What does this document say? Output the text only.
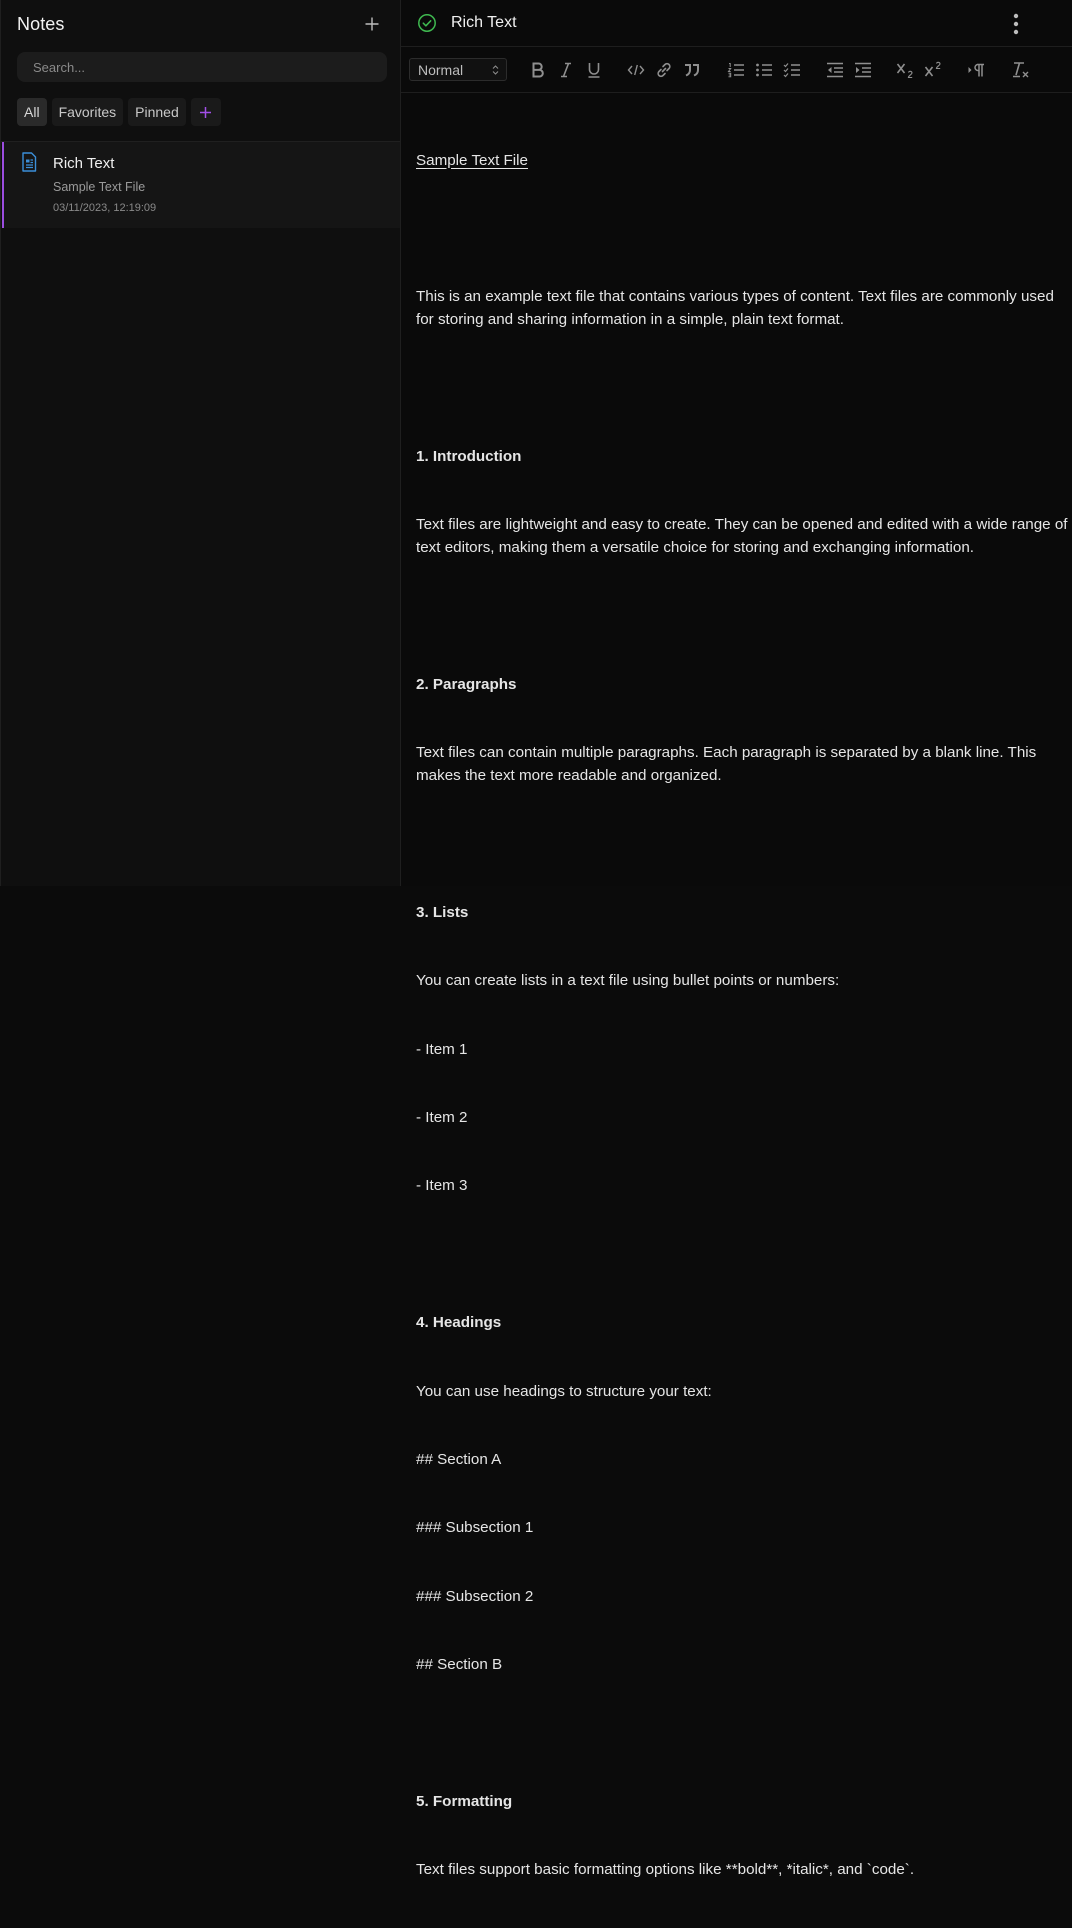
Notes
Search...
All	Favorites	Pinned
Rich Text
Sample Text File
03/11/2023, 12:19:09
Rich Text
Normal

Sample Text File

This is an example text file that contains various types of content. Text files are commonly used for storing and sharing information in a simple, plain text format.

1. Introduction

Text files are lightweight and easy to create. They can be opened and edited with a wide range of text editors, making them a versatile choice for storing and exchanging information.

2. Paragraphs

Text files can contain multiple paragraphs. Each paragraph is separated by a blank line. This makes the text more readable and organized.

3. Lists

You can create lists in a text file using bullet points or numbers:

- Item 1

- Item 2

- Item 3

4. Headings

You can use headings to structure your text:

## Section A

### Subsection 1

### Subsection 2

## Section B

5. Formatting

Text files support basic formatting options like **bold**, *italic*, and `code`.
